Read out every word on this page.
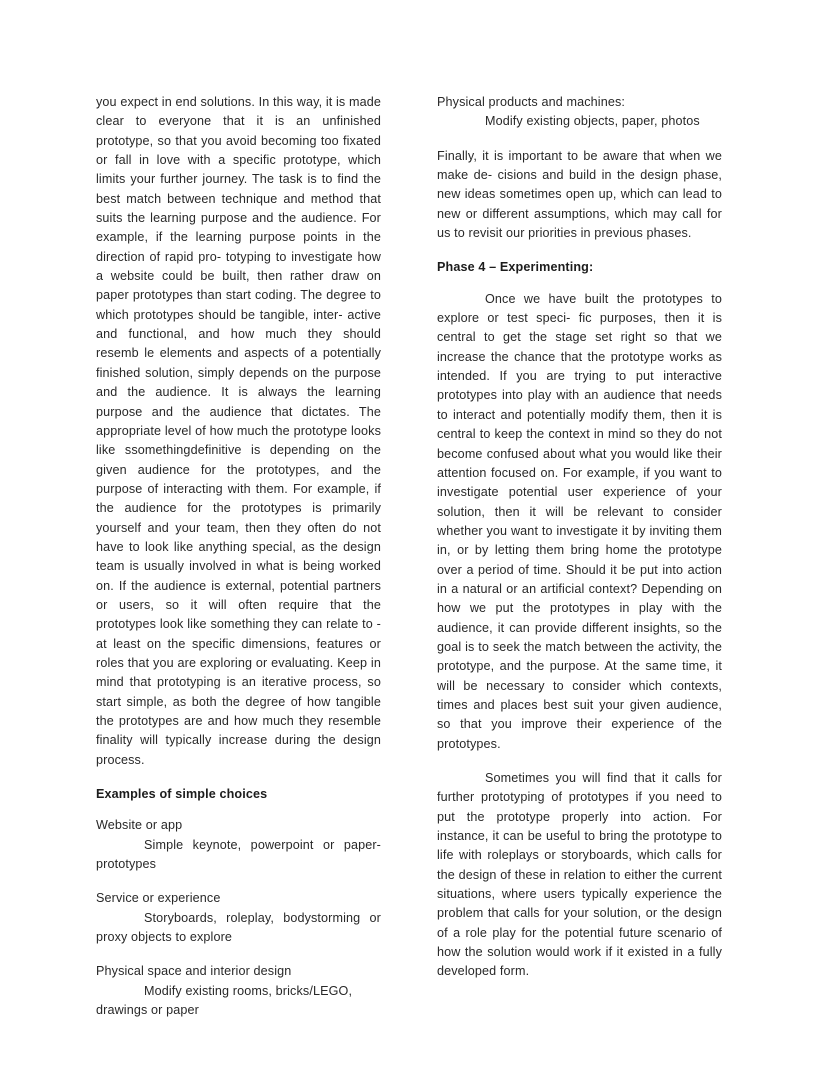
you expect in end solutions. In this way, it is made clear to everyone that it is an unfinished prototype, so that you avoid becoming too fixated or fall in love with a specific prototype, which limits your further journey. The task is to find the best match between technique and method that suits the learning purpose and the audience. For example, if the learning purpose points in the direction of rapid pro- totyping to investigate how a website could be built, then rather draw on paper prototypes than start coding. The degree to which prototypes should be tangible, inter- active and functional, and how much they should resemb le elements and aspects of a potentially finished solution, simply depends on the purpose and the audience. It is always the learning purpose and the audience that dictates. The appropriate level of how much the prototype looks like ssomethingdefinitive is depending on the given audience for the prototypes, and the purpose of interacting with them. For example, if the audience for the prototypes is primarily yourself and your team, then they often do not have to look like anything special, as the design team is usually involved in what is being worked on. If the audience is external, potential partners or users, so it will often require that the prototypes look like something they can relate to - at least on the specific dimensions, features or roles that you are exploring or evaluating. Keep in mind that prototyping is an iterative process, so start simple, as both the degree of how tangible the prototypes are and how much they resemble finality will typically increase during the design process.

Examples of simple choices

Website or app

Simple keynote, powerpoint or paper-prototypes

Service or experience

Storyboards, roleplay, bodystorming or proxy objects to explore

Physical space and interior design

Modify existing rooms, bricks/LEGO, drawings or paper

Physical products and machines:

Modify existing objects, paper, photos

Finally, it is important to be aware that when we make de- cisions and build in the design phase, new ideas sometimes open up, which can lead to new or different assumptions, which may call for us to revisit our priorities in previous phases.

Phase 4 – Experimenting:

Once we have built the prototypes to explore or test speci- fic purposes, then it is central to get the stage set right so that we increase the chance that the prototype works as intended. If you are trying to put interactive prototypes into play with an audience that needs to interact and potentially modify them, then it is central to keep the context in mind so they do not become confused about what you would like their attention focused on. For example, if you want to investigate potential user experience of your solution, then it will be relevant to consider whether you want to investigate it by inviting them in, or by letting them bring home the prototype over a period of time. Should it be put into action in a natural or an artificial context? Depending on how we put the prototypes in play with the audience, it can provide different insights, so the goal is to seek the match between the activity, the prototype, and the purpose. At the same time, it will be necessary to consider which contexts, times and places best suit your given audience, so that you improve their experience of the prototypes.

Sometimes you will find that it calls for further prototyping of prototypes if you need to put the prototype properly into action. For instance, it can be useful to bring the prototype to life with roleplays or storyboards, which calls for the design of these in relation to either the current situations, where users typically experience the problem that calls for your solution, or the design of a role play for the potential future scenario of how the solution would work if it existed in a fully developed form.
